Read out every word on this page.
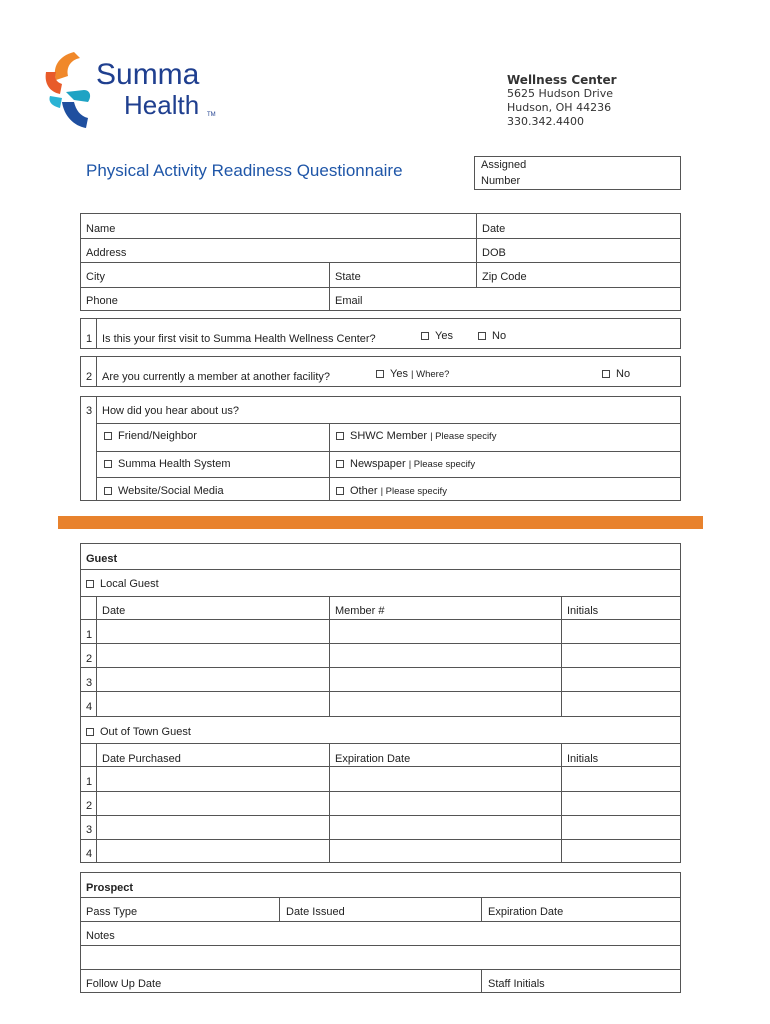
Summa
Health TM
Wellness Center
5625 Hudson Drive
Hudson, OH 44236
330.342.4400
Physical Activity Readiness Questionnaire	Assigned
Number
Name	Date
Address	DOB
City	State	Zip Code
Phone	Email
1 Is this your first visit to Summa Health Wellness Center?	Yes	No
2 Are you currently a member at another facility?	Yes | Where?	No
3 How did you hear about us?
Friend/Neighbor	SHWC Member | Please specify
Summa Health System	Newspaper | Please specify
Website/Social Media	Other | Please specify
Guest
Local Guest
Date	Member #	Initials
1
2
3
4
Out of Town Guest
Date Purchased	Expiration Date	Initials
1
2
3
4
Prospect
Pass Type	Date Issued	Expiration Date
Notes
Follow Up Date	Staff Initials
